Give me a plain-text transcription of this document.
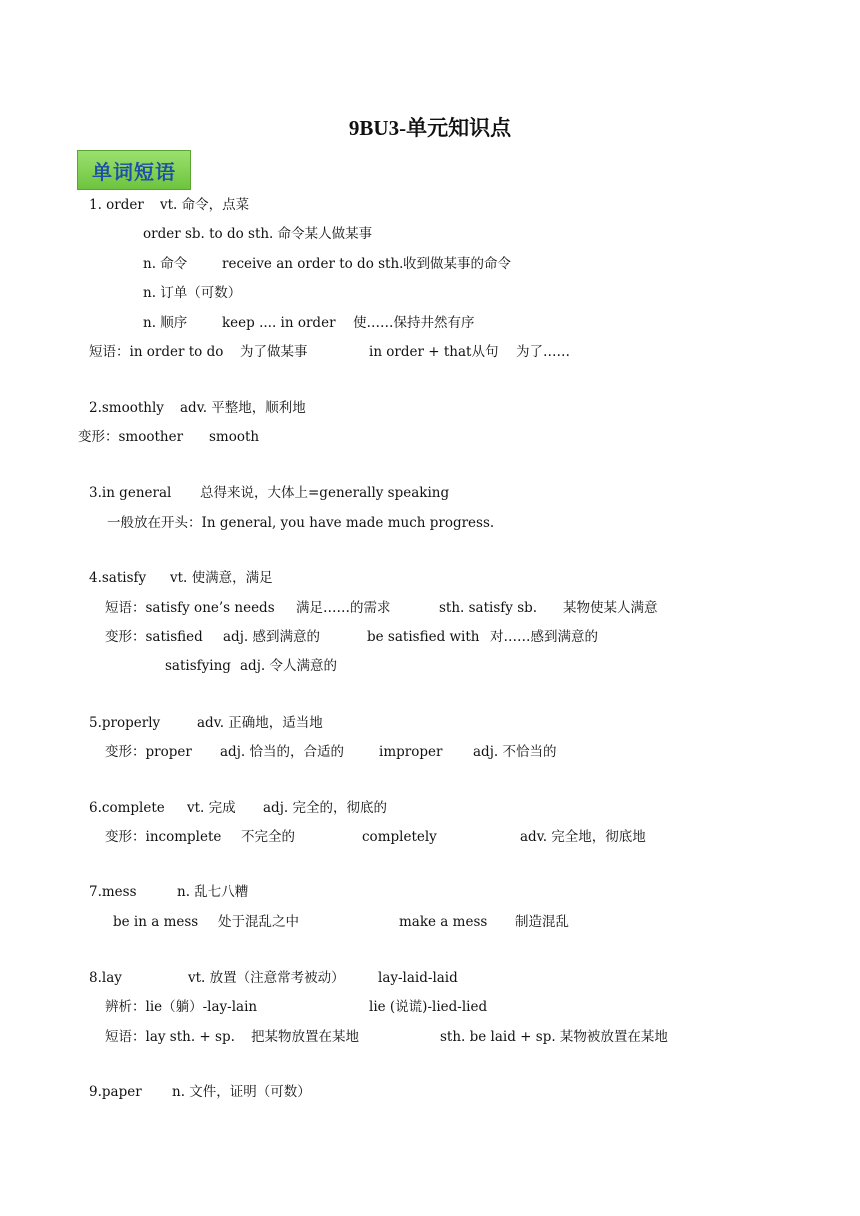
9BU3-单元知识点
单词短语
1. order vt. 命令，点菜
order sb. to do sth. 命令某人做某事
n. 命令	receive an order to do sth. 收到做某事的命令
n. 订单（可数）
n. 顺序	keep .... in order 使……保持井然有序
短语：in order to do 为了做某事	in order + that从句 为了……
2.smoothly adv. 平整地，顺利地
变形：smoother smooth
3.in general 总得来说，大体上=generally speaking
一般放在开头：In general, you have made much progress.
4.satisfy vt. 使满意，满足
短语：satisfy one’s needs 满足……的需求	sth. satisfy sb. 某物使某人满意
变形：satisfied adj. 感到满意的	be satisfied with 对……感到满意的
satisfying adj. 令人满意的
5.properly	adv. 正确地，适当地
变形：proper adj. 恰当的，合适的	improper adj. 不恰当的
6.complete vt. 完成 adj. 完全的，彻底的
变形：incomplete 不完全的	completely	adv. 完全地，彻底地
7.mess	n. 乱七八糟
be in a mess 处于混乱之中	make a mess 制造混乱
8.lay	vt. 放置（注意常考被动） lay-laid-laid
辨析：lie（躺）-lay-lain	lie (说谎)-lied-lied
短语：lay sth. + sp. 把某物放置在某地	sth. be laid + sp. 某物被放置在某地
9.paper n. 文件，证明（可数）
